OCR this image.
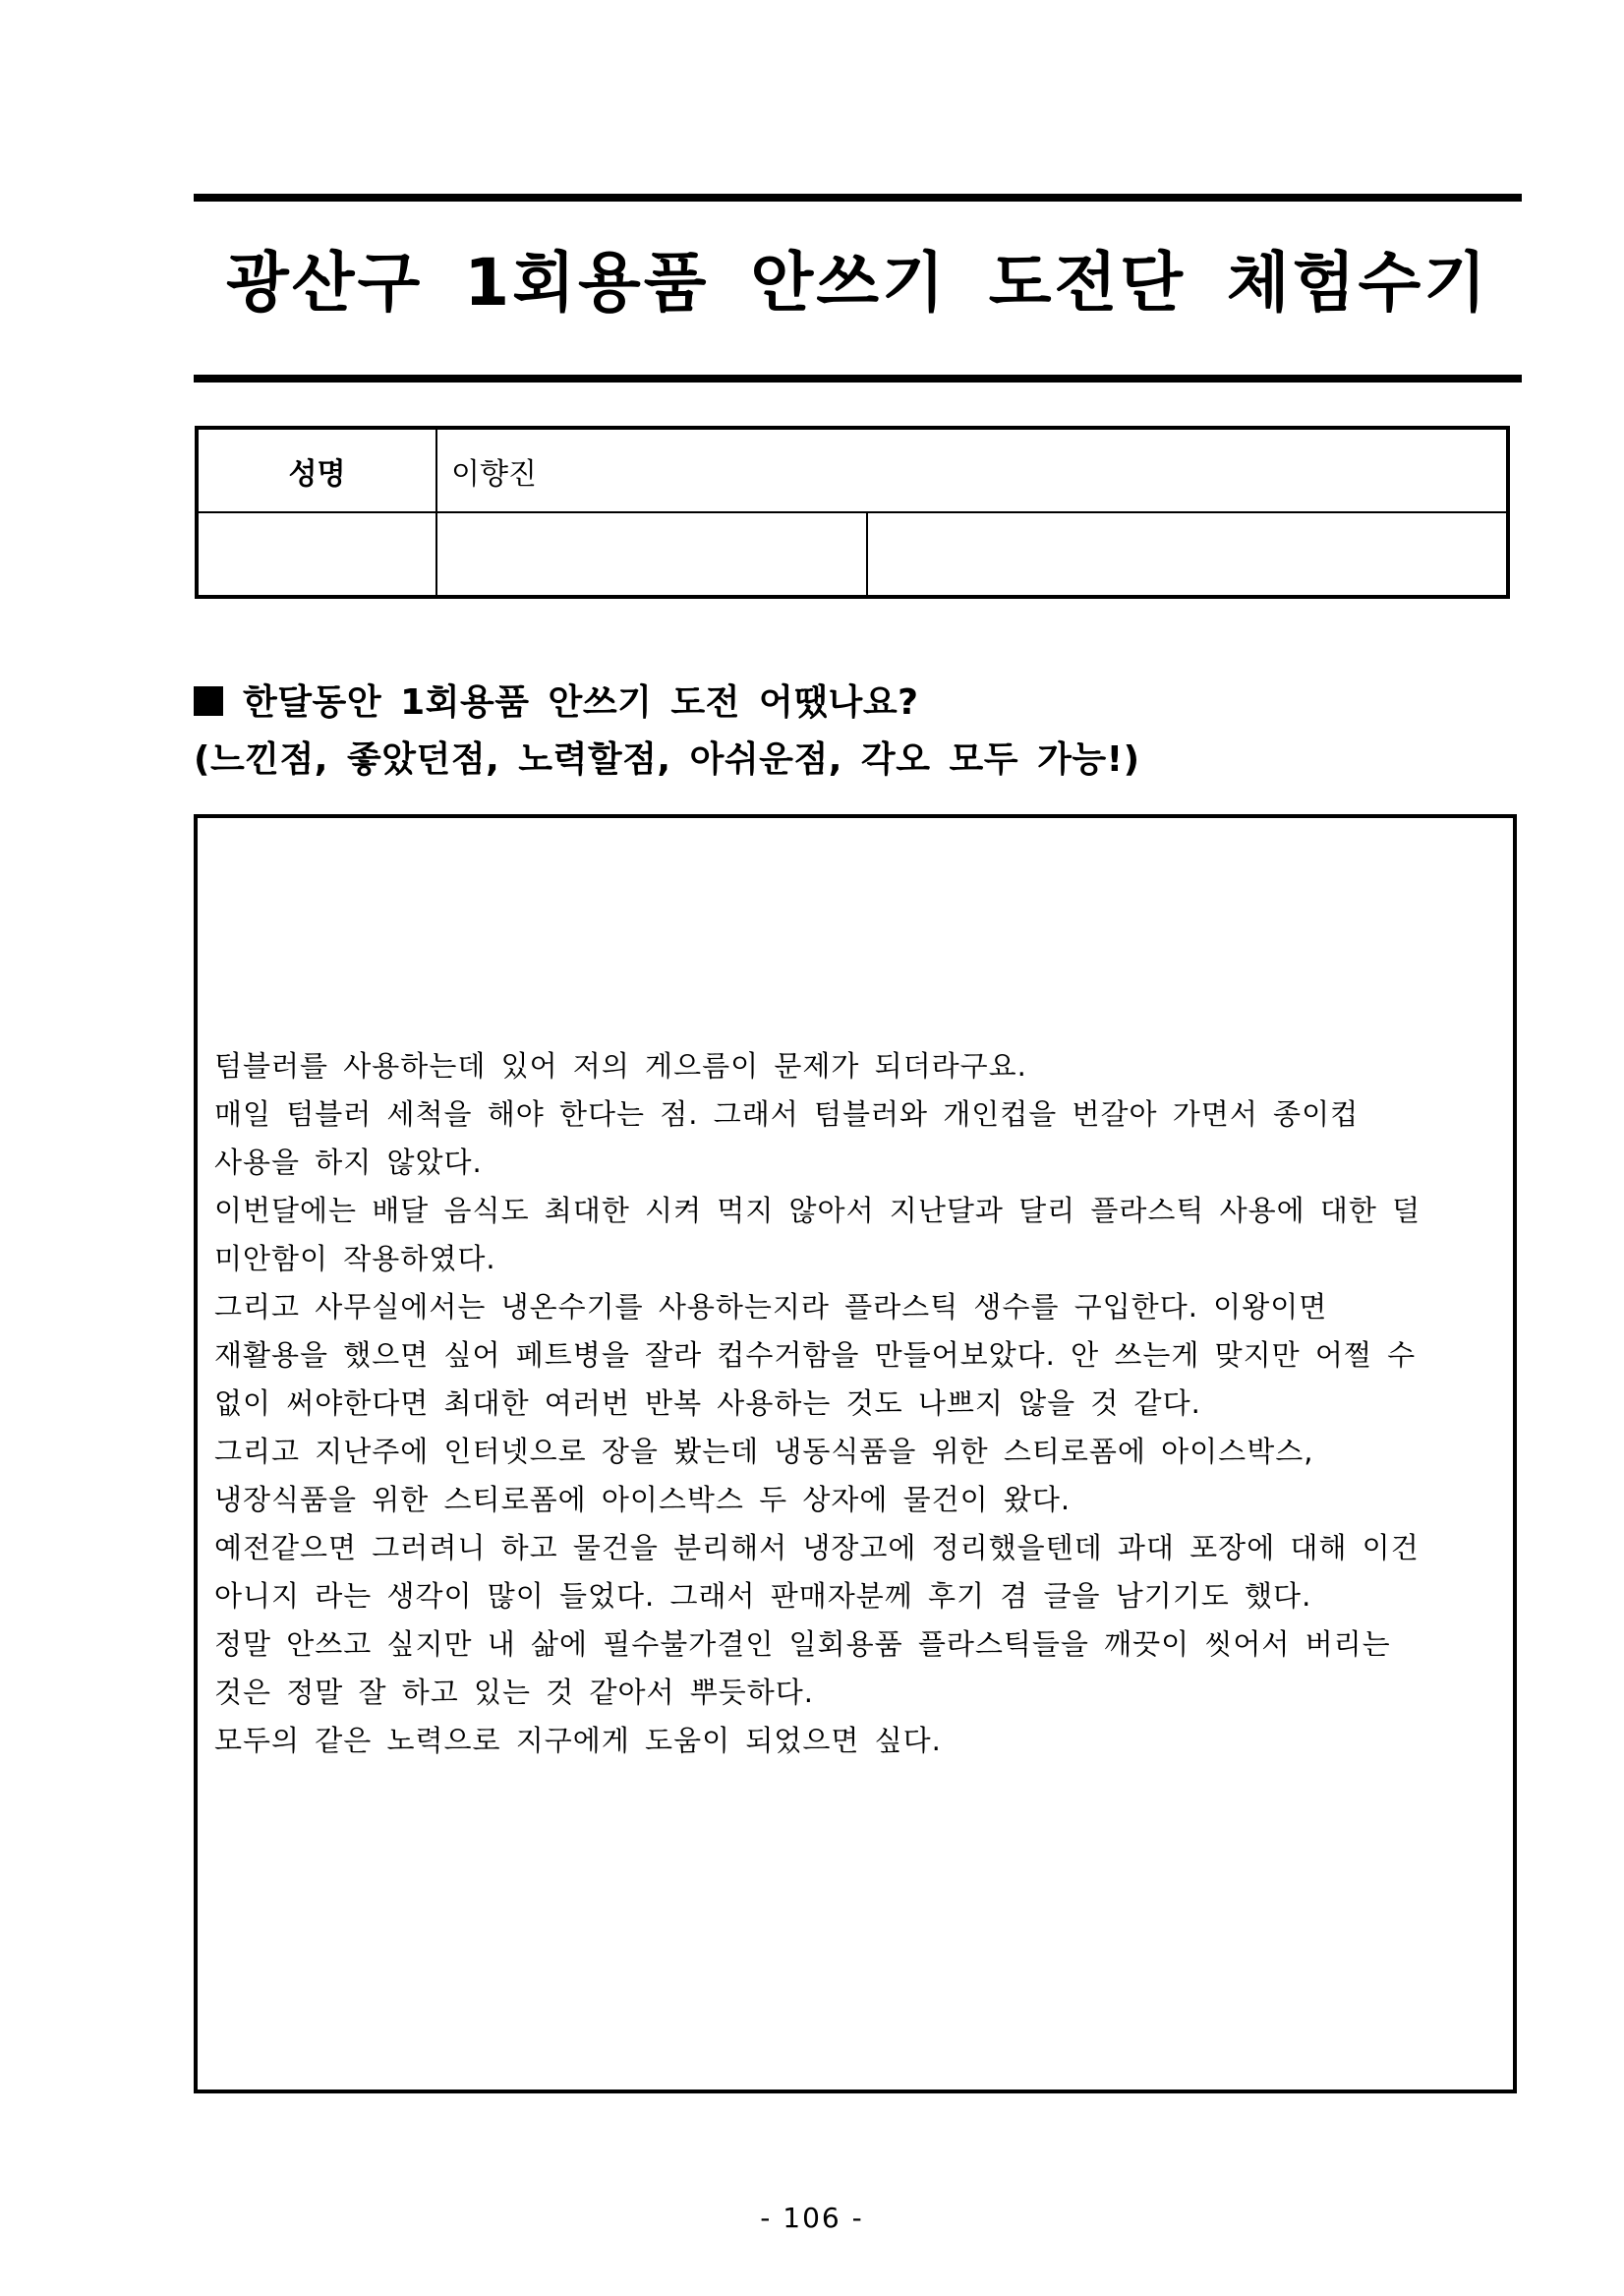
광산구 1회용품 안쓰기 도전단 체험수기
성명	이향진	

한달동안 1회용품 안쓰기 도전 어땠나요?
(느낀점, 좋았던점, 노력할점, 아쉬운점, 각오 모두 가능!)
텀블러를 사용하는데 있어 저의 게으름이 문제가 되더라구요.
매일 텀블러 세척을 해야 한다는 점. 그래서 텀블러와 개인컵을 번갈아 가면서 종이컵
사용을 하지 않았다.
이번달에는 배달 음식도 최대한 시켜 먹지 않아서 지난달과 달리 플라스틱 사용에 대한 덜
미안함이 작용하였다.
그리고 사무실에서는 냉온수기를 사용하는지라 플라스틱 생수를 구입한다. 이왕이면
재활용을 했으면 싶어 페트병을 잘라 컵수거함을 만들어보았다. 안 쓰는게 맞지만 어쩔 수
없이 써야한다면 최대한 여러번 반복 사용하는 것도 나쁘지 않을 것 같다.
그리고 지난주에 인터넷으로 장을 봤는데 냉동식품을 위한 스티로폼에 아이스박스,
냉장식품을 위한 스티로폼에 아이스박스 두 상자에 물건이 왔다.
예전같으면 그러려니 하고 물건을 분리해서 냉장고에 정리했을텐데 과대 포장에 대해 이건
아니지 라는 생각이 많이 들었다. 그래서 판매자분께 후기 겸 글을 남기기도 했다.
정말 안쓰고 싶지만 내 삶에 필수불가결인 일회용품 플라스틱들을 깨끗이 씻어서 버리는
것은 정말 잘 하고 있는 것 같아서 뿌듯하다.
모두의 같은 노력으로 지구에게 도움이 되었으면 싶다.
- 106 -
